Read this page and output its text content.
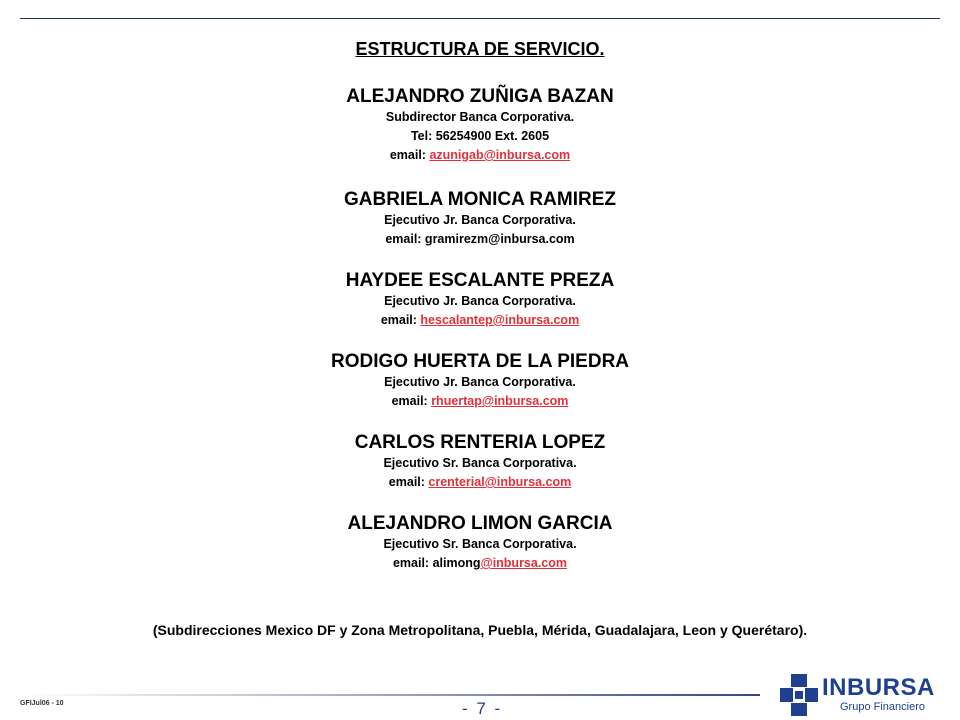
ESTRUCTURA DE SERVICIO.

ALEJANDRO ZUÑIGA BAZAN

Subdirector Banca Corporativa.

Tel: 56254900 Ext. 2605

email: azunigab@inbursa.com

GABRIELA MONICA RAMIREZ

Ejecutivo Jr. Banca Corporativa.

email: gramirezm@inbursa.com

HAYDEE ESCALANTE PREZA

Ejecutivo Jr. Banca Corporativa.

email: hescalantep@inbursa.com

RODIGO HUERTA DE LA PIEDRA

Ejecutivo Jr. Banca Corporativa.

email: rhuertap@inbursa.com

CARLOS RENTERIA LOPEZ

Ejecutivo Sr. Banca Corporativa.

email: crenterial@inbursa.com

ALEJANDRO LIMON GARCIA

Ejecutivo Sr. Banca Corporativa.

email: alimong@inbursa.com

(Subdirecciones Mexico DF y Zona Metropolitana, Puebla, Mérida, Guadalajara, Leon y Querétaro).
GFIJul06 - 10	- 7 -
INBURSA
Grupo Financiero
